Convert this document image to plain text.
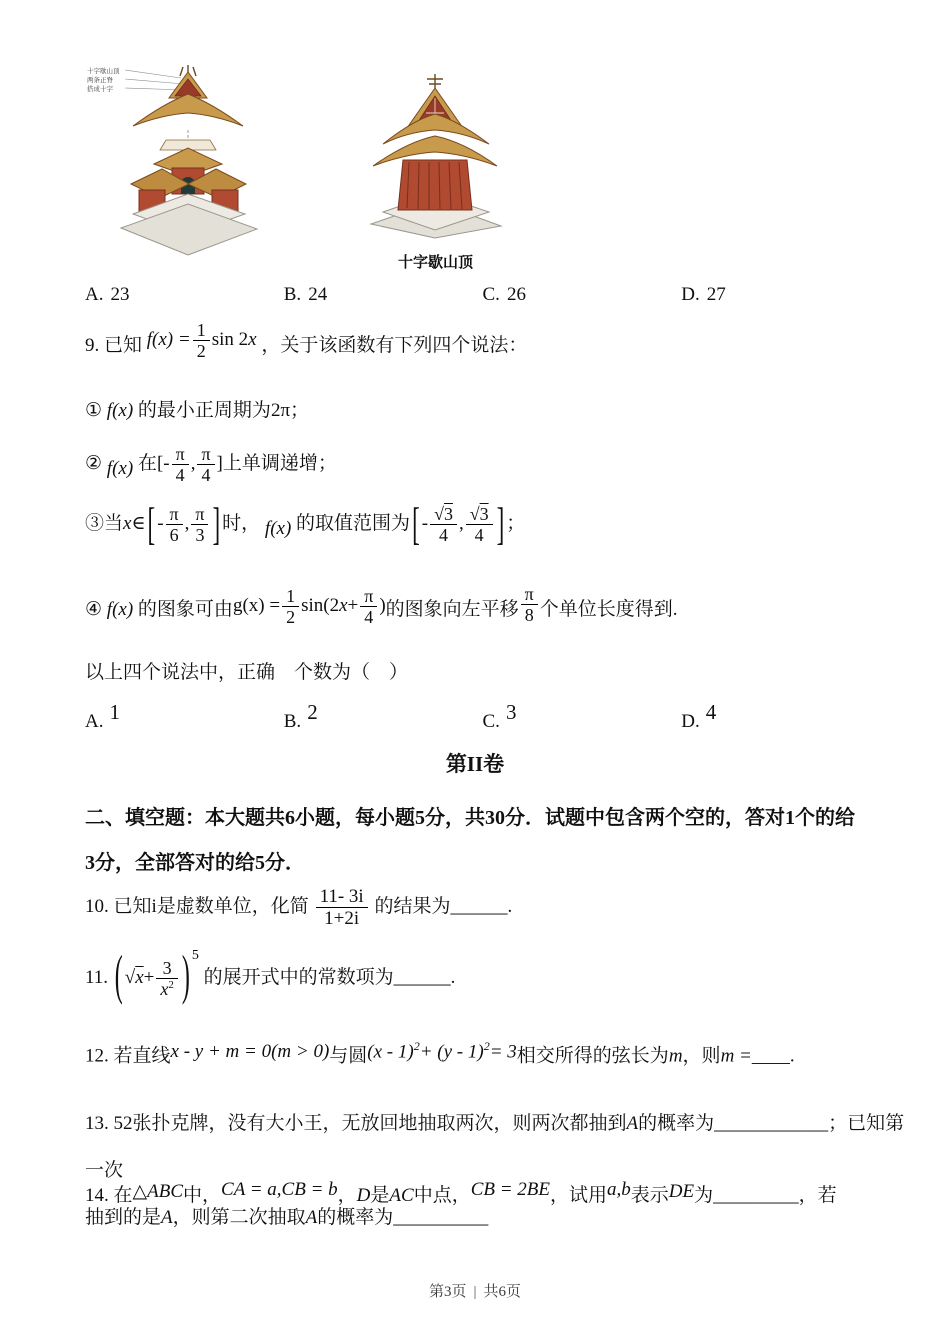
十字歇山顶
两条正脊
搭成十字
十字歇山顶
A. 23	B. 24	C. 26	D. 27
9. 已知 $f(x) = \frac{1}{2}$ sin 2x ，关于该函数有下列四个说法：
① f(x) 的最小正周期为2π；
② f(x) 在[- $\frac{\pi}{4}$ , $\frac{\pi}{4}$ ]上单调递增；
③当x∈[ - $\frac{\pi}{6}$ , $\frac{\pi}{3}$ ] 时， f(x) 的取值范围为[ - $\frac{√3}{4}$ , $\frac{√3}{4}$ ] ；
④ f(x) 的图象可由$g(x) = \frac{1}{2} \sin(2x+ \frac{\pi}{4}$ )的图象向左平移 $\frac{\pi}{8}$ 个单位长度得到.
以上四个说法中，正确　个数为（　）
A. 1	B. 2	C. 3	D. 4
第II卷
二、填空题：本大题共6小题，每小题5分，共30分．试题中包含两个空的，答对1个的给
3分，全部答对的给5分．
10. 已知i是虚数单位，化简 $\frac{11- 3i}{1+2i}$ 的结果为______.
11. ( $√x+ \frac{3}{x^2}$ ) $^5$ 的展开式中的常数项为______.
12. 若直线x - y + m = 0(m > 0)与圆(x - 1)$^2$+ (y - 1)$^2$= 3相交所得的弦长为m，则m =____.
13. 52张扑克牌，没有大小王，无放回地抽取两次，则两次都抽到A的概率为____________；已知第一次
抽到的是A，则第二次抽取A的概率为__________
14. 在△ABC中，CA = a,CB = b，D是AC中点，CB = 2BE，试用a,b表示DE为_________，若
第3页 | 共6页
